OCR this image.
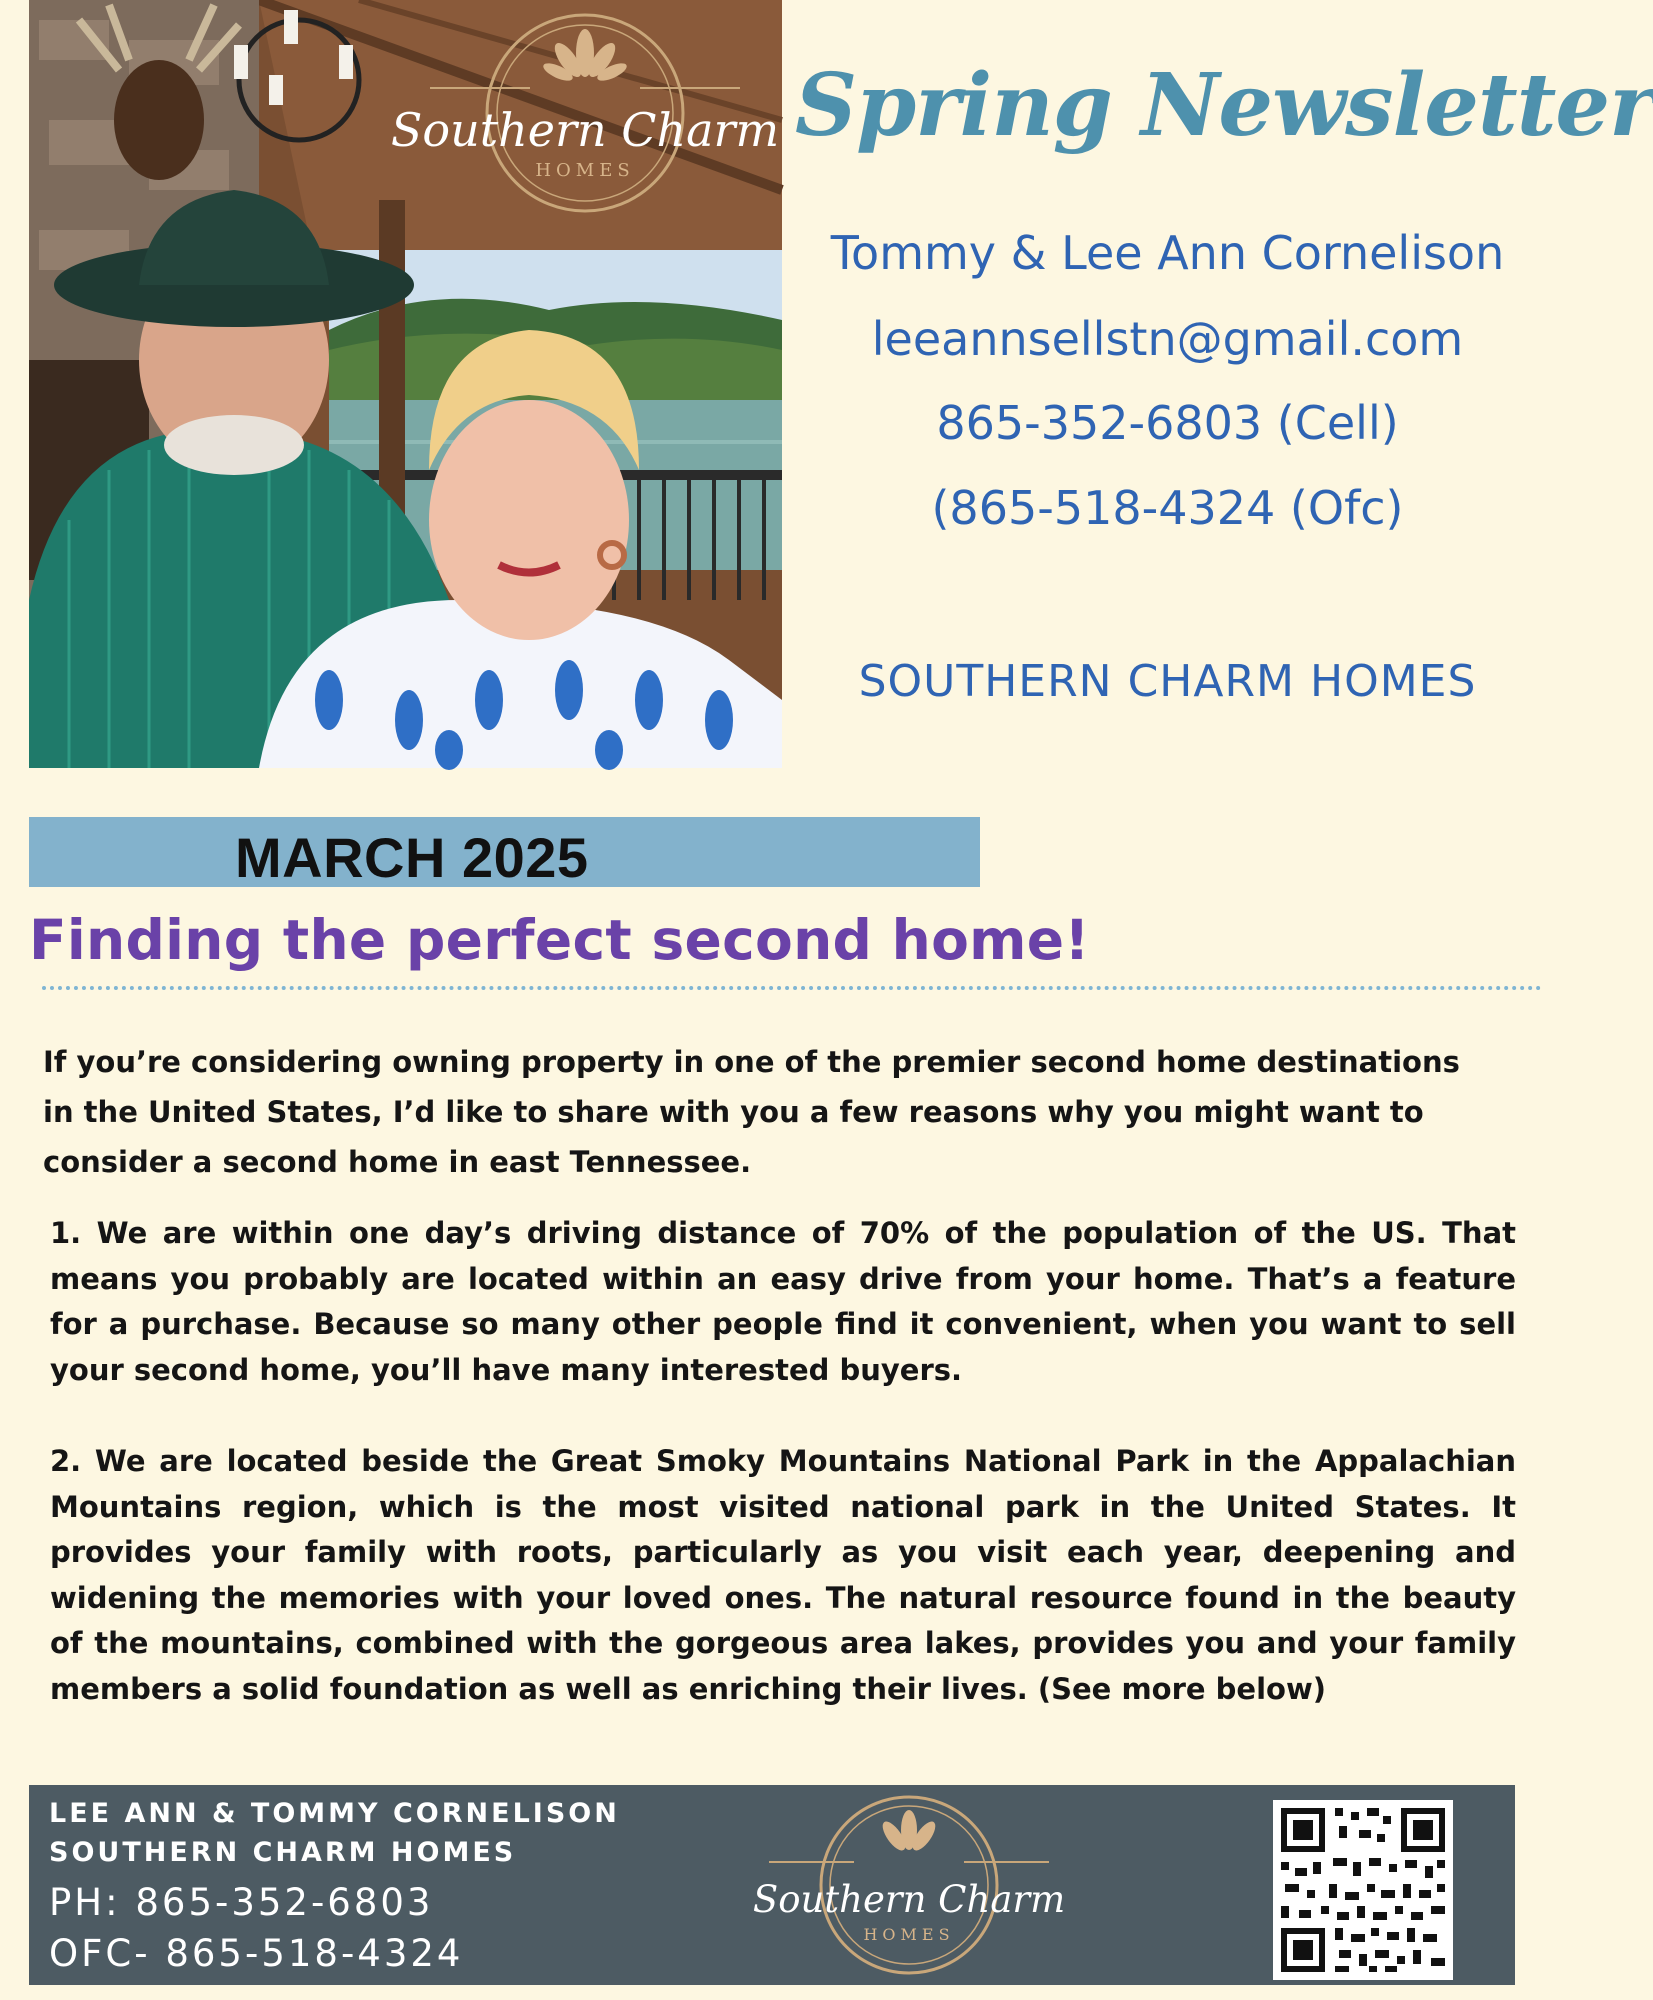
Southern Charm
HOMES
Spring Newsletter
Tommy & Lee Ann Cornelison
leeannsellstn@gmail.com
865-352-6803 (Cell)
(865-518-4324 (Ofc)
SOUTHERN CHARM HOMES
MARCH 2025
Finding the perfect second home!
If you’re considering owning property in one of the premier second home destinations in the United States, I’d like to share with you a few reasons why you might want to consider a second home in east Tennessee.
1. We are within one day’s driving distance of 70% of the population of the US. That means you probably are located within an easy drive from your home. That’s a feature for a purchase. Because so many other people find it convenient, when you want to sell your second home, you’ll have many interested buyers.
2. We are located beside the Great Smoky Mountains National Park in the Appalachian Mountains region, which is the most visited national park in the United States. It provides your family with roots, particularly as you visit each year, deepening and widening the memories with your loved ones. The natural resource found in the beauty of the mountains, combined with the gorgeous area lakes, provides you and your family members a solid foundation as well as enriching their lives. (See more below)
LEE ANN & TOMMY CORNELISON
SOUTHERN CHARM HOMES
PH: 865-352-6803
OFC- 865-518-4324
Southern Charm
HOMES
